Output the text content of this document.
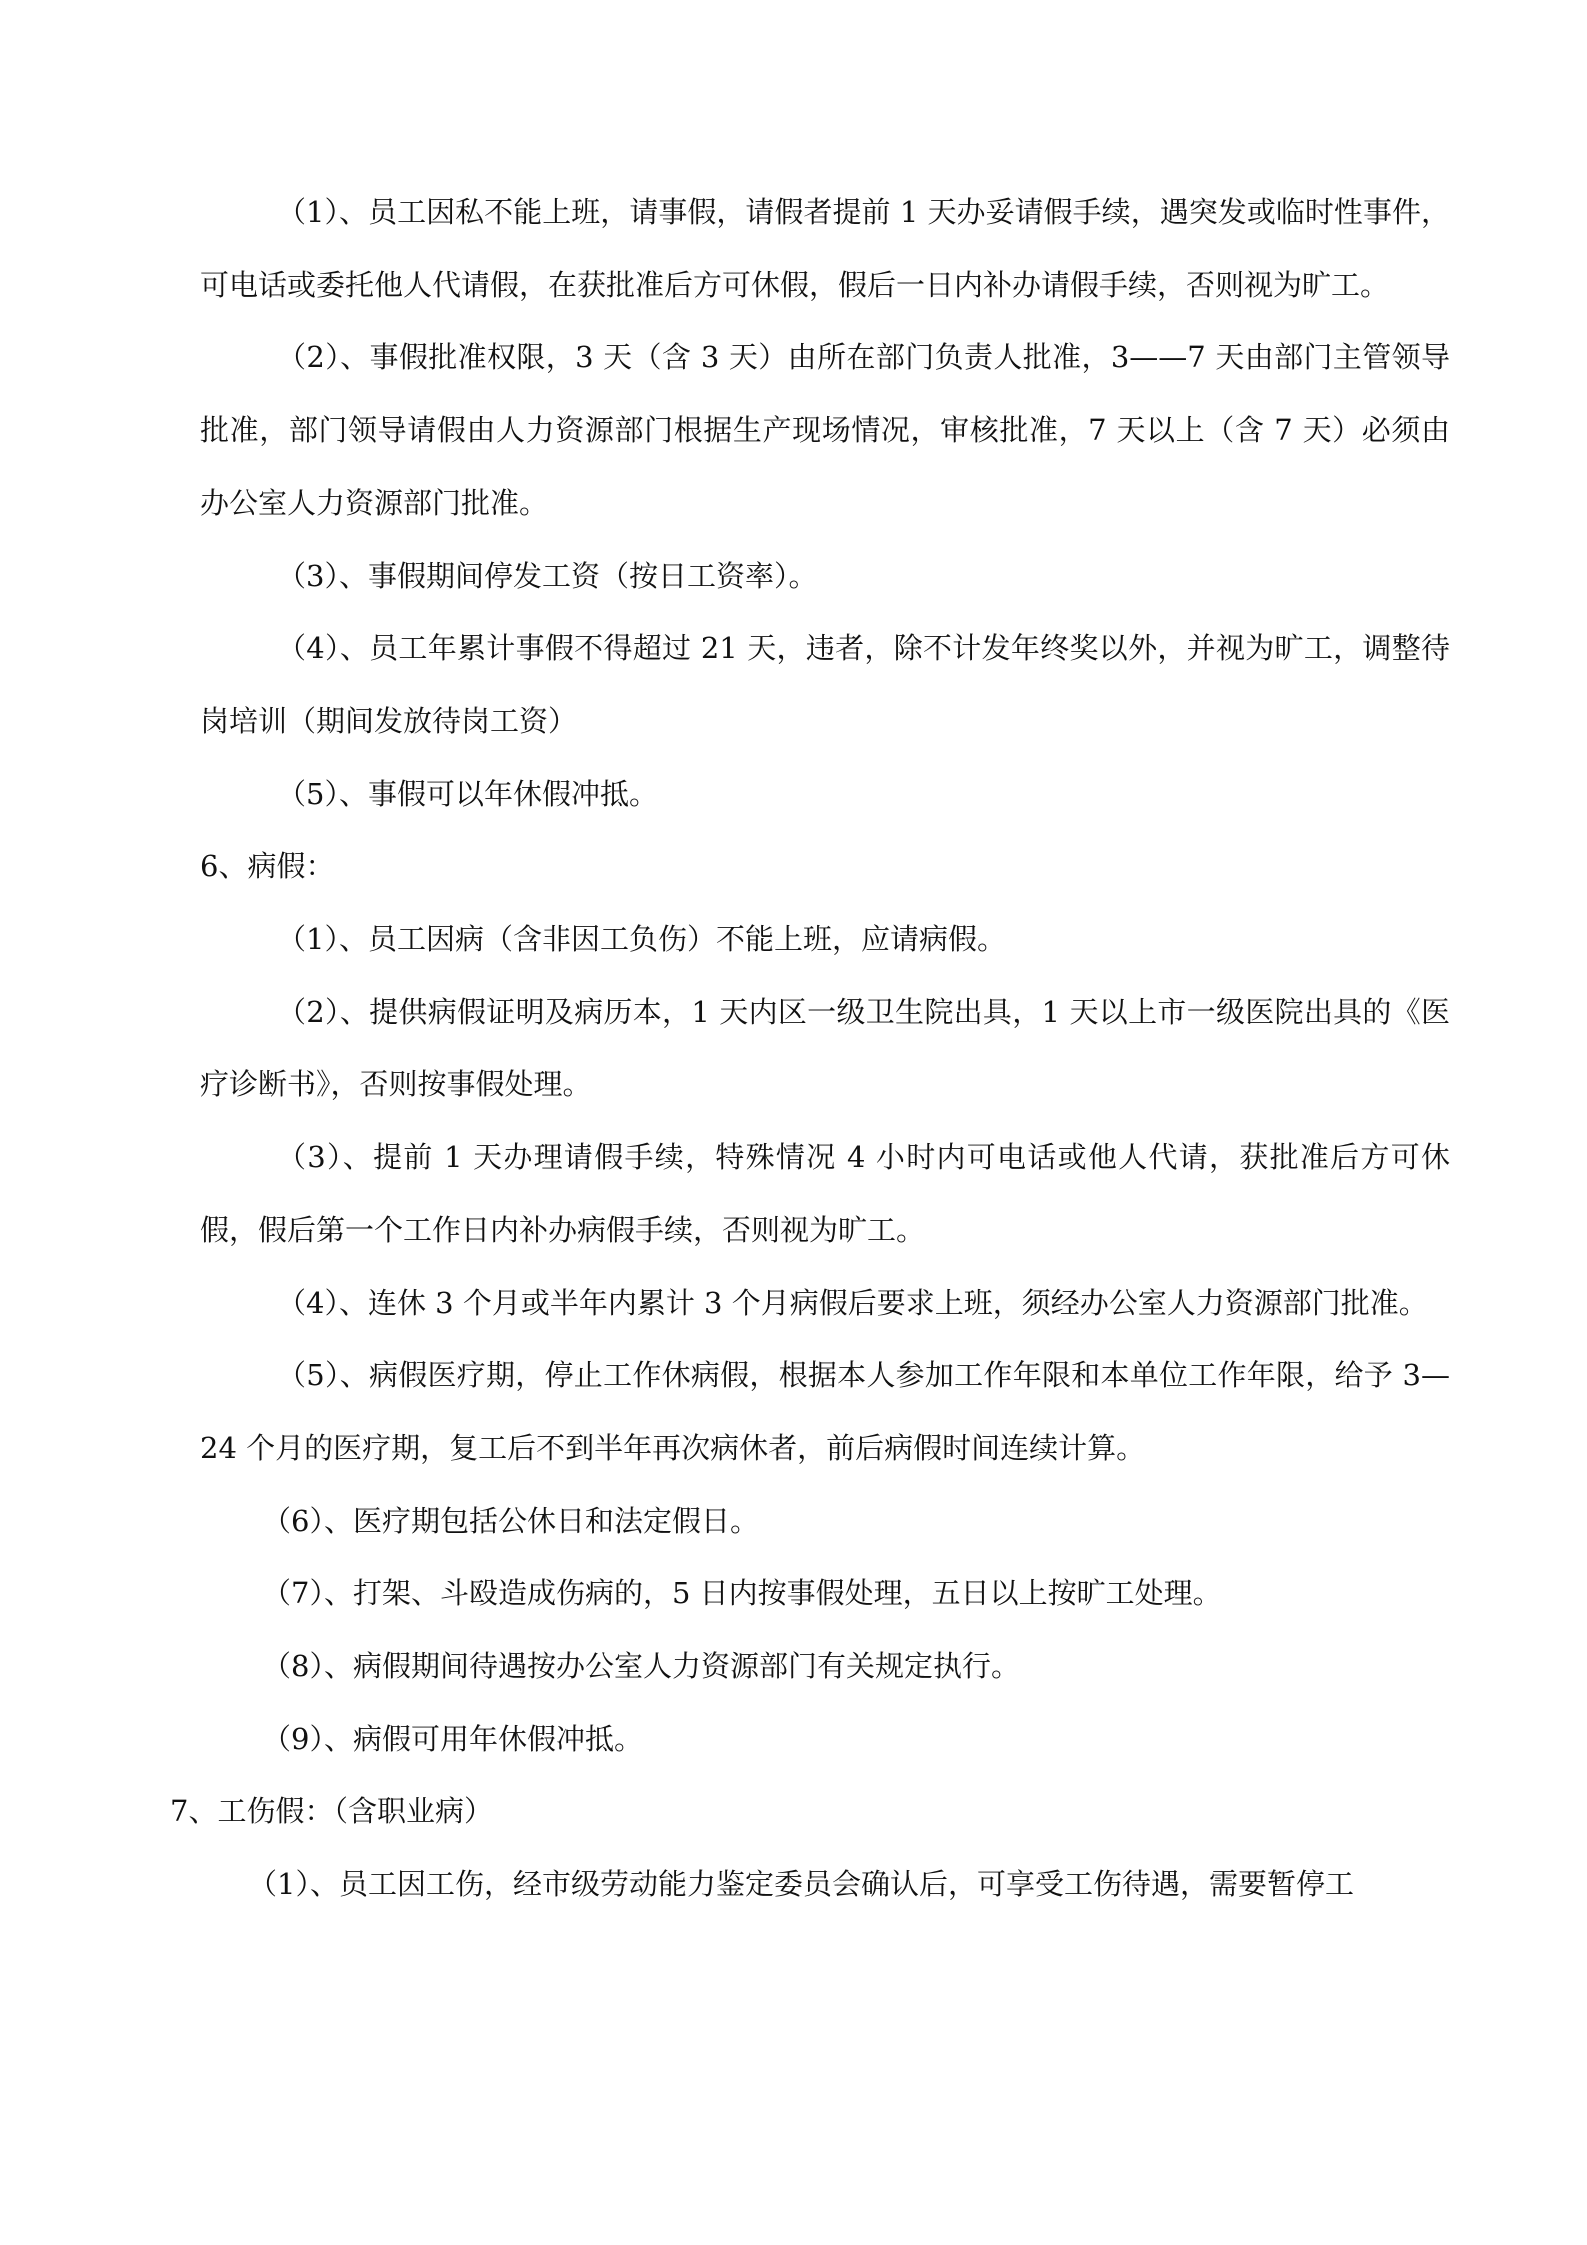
（1）、员工因私不能上班，请事假，请假者提前 1 天办妥请假手续，遇突发或临时性事件，可电话或委托他人代请假，在获批准后方可休假，假后一日内补办请假手续，否则视为旷工。

（2）、事假批准权限，3 天（含 3 天）由所在部门负责人批准，3——7 天由部门主管领导批准，部门领导请假由人力资源部门根据生产现场情况，审核批准，7 天以上（含 7 天）必须由办公室人力资源部门批准。

（3）、事假期间停发工资（按日工资率）。

（4）、员工年累计事假不得超过 21 天，违者，除不计发年终奖以外，并视为旷工，调整待岗培训（期间发放待岗工资）

（5）、事假可以年休假冲抵。

6、病假：

（1）、员工因病（含非因工负伤）不能上班，应请病假。

（2）、提供病假证明及病历本，1 天内区一级卫生院出具，1 天以上市一级医院出具的《医疗诊断书》，否则按事假处理。

（3）、提前 1 天办理请假手续，特殊情况 4 小时内可电话或他人代请，获批准后方可休假，假后第一个工作日内补办病假手续，否则视为旷工。

（4）、连休 3 个月或半年内累计 3 个月病假后要求上班，须经办公室人力资源部门批准。

（5）、病假医疗期，停止工作休病假，根据本人参加工作年限和本单位工作年限，给予 3—24 个月的医疗期，复工后不到半年再次病休者，前后病假时间连续计算。

（6）、医疗期包括公休日和法定假日。

（7）、打架、斗殴造成伤病的，5 日内按事假处理，五日以上按旷工处理。

（8）、病假期间待遇按办公室人力资源部门有关规定执行。

（9）、病假可用年休假冲抵。

7、工伤假：（含职业病）

（1）、员工因工伤，经市级劳动能力鉴定委员会确认后，可享受工伤待遇，需要暂停工
